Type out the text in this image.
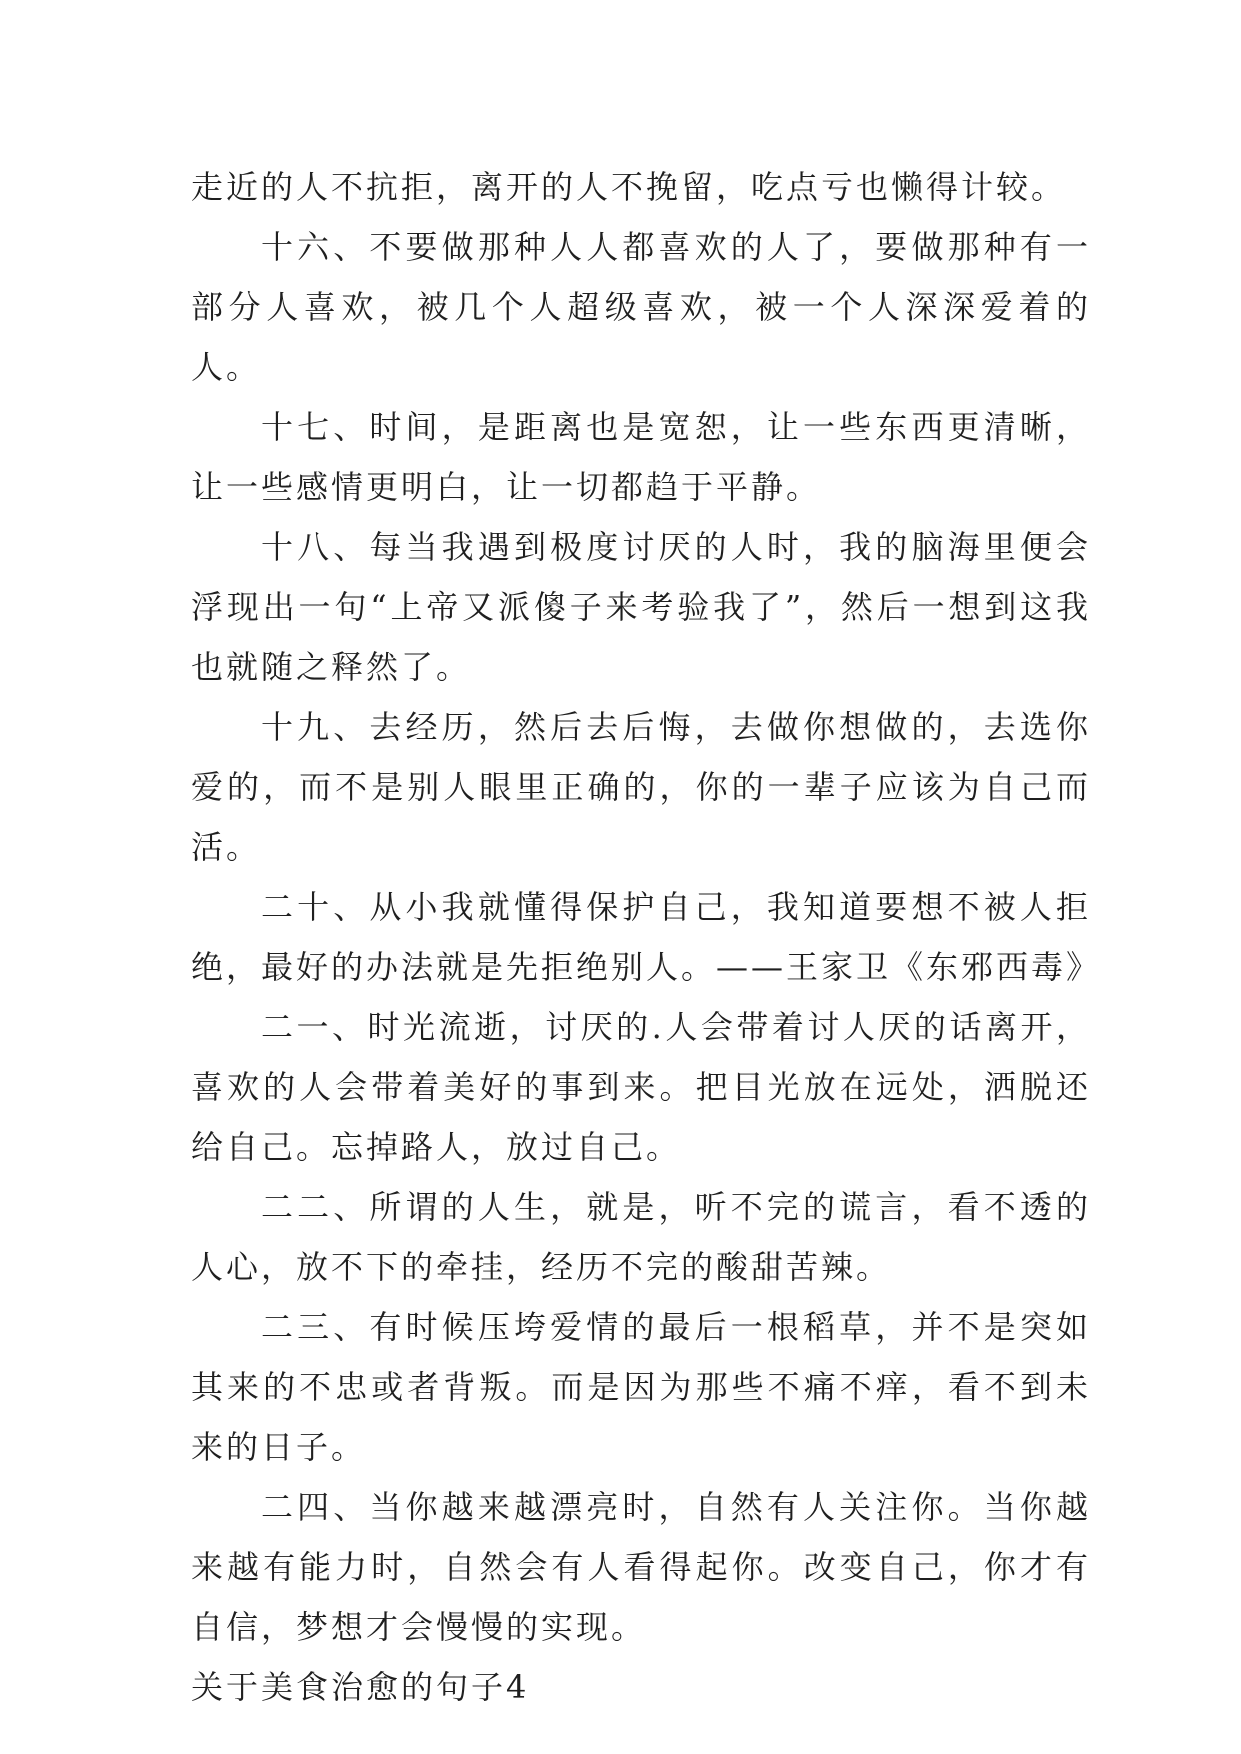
走近的人不抗拒，离开的人不挽留，吃点亏也懒得计较。

十六、不要做那种人人都喜欢的人了，要做那种有一部分人喜欢，被几个人超级喜欢，被一个人深深爱着的人。

十七、时间，是距离也是宽恕，让一些东西更清晰，让一些感情更明白，让一切都趋于平静。

十八、每当我遇到极度讨厌的人时，我的脑海里便会浮现出一句“上帝又派傻子来考验我了”，然后一想到这我也就随之释然了。

十九、去经历，然后去后悔，去做你想做的，去选你爱的，而不是别人眼里正确的，你的一辈子应该为自己而活。

二十、从小我就懂得保护自己，我知道要想不被人拒绝，最好的办法就是先拒绝别人。——王家卫《东邪西毒》

二一、时光流逝，讨厌的.人会带着讨人厌的话离开，喜欢的人会带着美好的事到来。把目光放在远处，洒脱还给自己。忘掉路人，放过自己。

二二、所谓的人生，就是，听不完的谎言，看不透的人心，放不下的牵挂，经历不完的酸甜苦辣。

二三、有时候压垮爱情的最后一根稻草，并不是突如其来的不忠或者背叛。而是因为那些不痛不痒，看不到未来的日子。

二四、当你越来越漂亮时，自然有人关注你。当你越来越有能力时，自然会有人看得起你。改变自己，你才有自信，梦想才会慢慢的实现。

关于美食治愈的句子4
